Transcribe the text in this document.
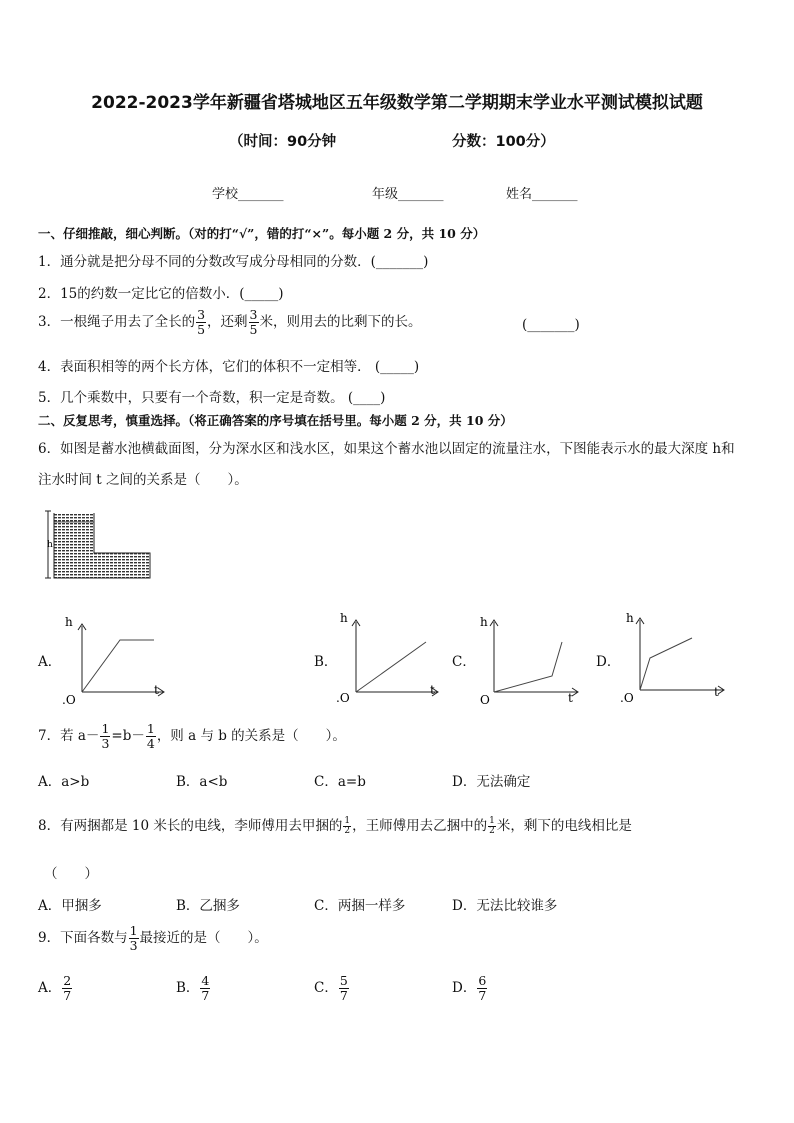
2022-2023学年新疆省塔城地区五年级数学第二学期期末学业水平测试模拟试题
（时间：90分钟	分数：100分）
学校_______	年级_______	姓名_______
一、仔细推敲，细心判断。（对的打“√”，错的打“×”。每小题 2 分，共 10 分）
1．通分就是把分母不同的分数改写成分母相同的分数．(_______)
2．15的约数一定比它的倍数小．(_____)
3．一根绳子用去了全长的 $\frac{3}{5}$ ，还剩 $\frac{3}{5}$ 米，则用去的比剩下的长。	(_______)
4．表面积相等的两个长方体，它们的体积不一定相等． (_____)
5．几个乘数中，只要有一个奇数，积一定是奇数。 (____)
二、反复思考，慎重选择。（将正确答案的序号填在括号里。每小题 2 分，共 10 分）
6．如图是蓄水池横截面图，分为深水区和浅水区，如果这个蓄水池以固定的流量注水，下图能表示水的最大深度 h和
注水时间 t 之间的关系是（　　）。
h
A．
h
t
.O
B．
h
t
.O
C．
h
t
O
D．
h
t
.O
7．若 $a- \frac{1}{3} =b- \frac{1}{4}$ ，则 a 与 b 的关系是（　　）。
A．a>b	B．a<b	C．a=b	D．无法确定
8．有两捆都是 10 米长的电线，李师傅用去甲捆的 $\frac{1}{2}$ ，王师傅用去乙捆中的 $\frac{1}{2}$ 米，剩下的电线相比是
（　　）
A．甲捆多	B．乙捆多	C．两捆一样多	D．无法比较谁多
9．下面各数与 $\frac{1}{3}$ 最接近的是（　　）。
A． $\frac{2}{7}$	B． $\frac{4}{7}$	C． $\frac{5}{7}$	D． $\frac{6}{7}$
